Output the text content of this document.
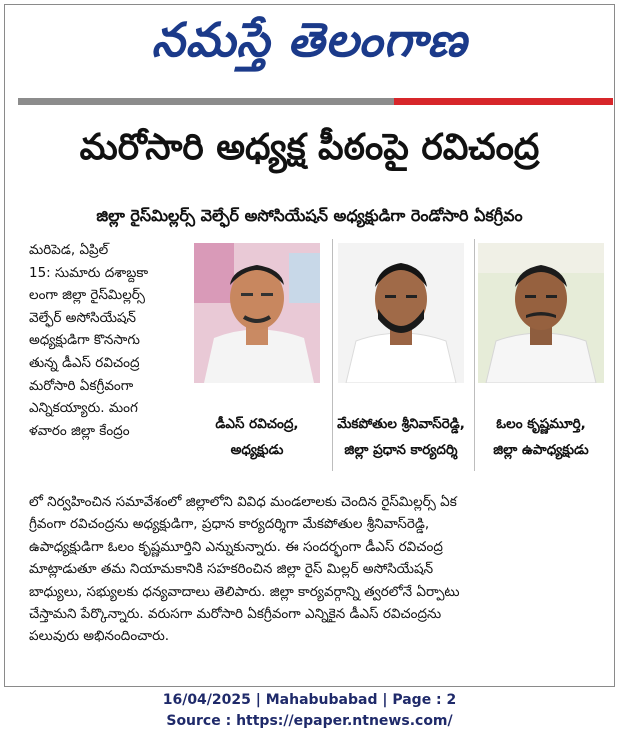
నమస్తే తెలంగాణ
మరోసారి అధ్యక్ష పీఠంపై రవిచంద్ర
జిల్లా రైస్‌మిల్లర్స్ వెల్ఫేర్ అసోసియేషన్ అధ్యక్షుడిగా రెండోసారి ఏకగ్రీవం

మరిపెడ, ఏప్రిల్

15: సుమారు దశాబ్దకా

లంగా జిల్లా రైస్‌మిల్లర్స్

వెల్ఫేర్ అసోసియేషన్

అధ్యక్షుడిగా కొనసాగు

తున్న డీఎస్ రవిచంద్ర

మరోసారి ఏకగ్రీవంగా

ఎన్నికయ్యారు. మంగ

ళవారం జిల్లా కేంద్రం	డీఎస్ రవిచంద్ర,
అధ్యక్షుడు
మేకపోతుల శ్రీనివాస్‌రెడ్డి,
జిల్లా ప్రధాన కార్యదర్శి
ఓలం కృష్ణమూర్తి,
జిల్లా ఉపాధ్యక్షుడు

లో నిర్వహించిన సమావేశంలో జిల్లాలోని వివిధ మండలాలకు చెందిన రైస్‌మిల్లర్స్ ఏక

గ్రీవంగా రవిచంద్రను అధ్యక్షుడిగా, ప్రధాన కార్యదర్శిగా మేకపోతుల శ్రీనివాస్‌రెడ్డి,

ఉపాధ్యక్షుడిగా ఓలం కృష్ణమూర్తిని ఎన్నుకున్నారు. ఈ సందర్భంగా డీఎస్ రవిచంద్ర

మాట్లాడుతూ తమ నియామకానికి సహకరించిన జిల్లా రైస్ మిల్లర్ అసోసియేషన్

బాధ్యులు, సభ్యులకు ధన్యవాదాలు తెలిపారు. జిల్లా కార్యవర్గాన్ని త్వరలోనే ఏర్పాటు

చేస్తామని పేర్కొన్నారు. వరుసగా మరోసారి ఏకగ్రీవంగా ఎన్నికైన డీఎస్ రవిచంద్రను

పలువురు అభినందించారు.

16/04/2025 | Mahabubabad | Page : 2
Source : https://epaper.ntnews.com/
